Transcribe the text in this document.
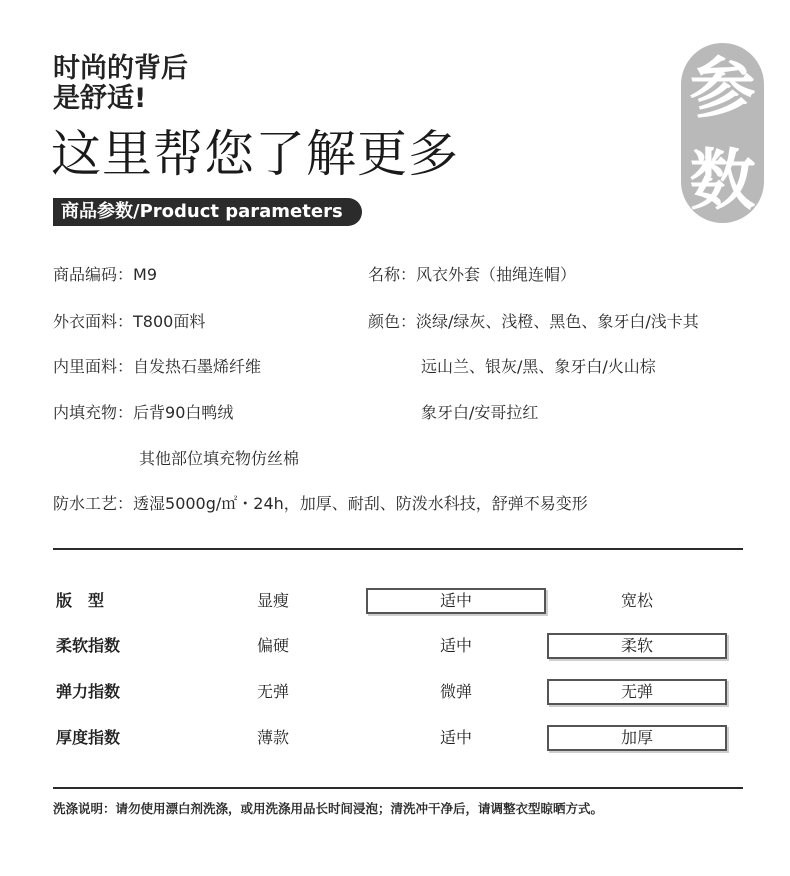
时尚的背后
是舒适!
这里帮您了解更多
商品参数/Product parameters
参
数
商品编码：M9
外衣面料：T800面料
内里面料：自发热石墨烯纤维
内填充物：后背90白鸭绒
其他部位填充物仿丝棉
防水工艺：透湿5000g/㎡・24h，加厚、耐刮、防泼水科技，舒弹不易变形
名称：风衣外套（抽绳连帽）
颜色：淡绿/绿灰、浅橙、黑色、象牙白/浅卡其
远山兰、银灰/黑、象牙白/火山棕
象牙白/安哥拉红
版　型	显瘦	适中	宽松
柔软指数	偏硬	适中	柔软
弹力指数	无弹	微弹	无弹
厚度指数	薄款	适中	加厚
洗涤说明：请勿使用漂白剂洗涤，或用洗涤用品长时间浸泡；清洗冲干净后，请调整衣型晾晒方式。
